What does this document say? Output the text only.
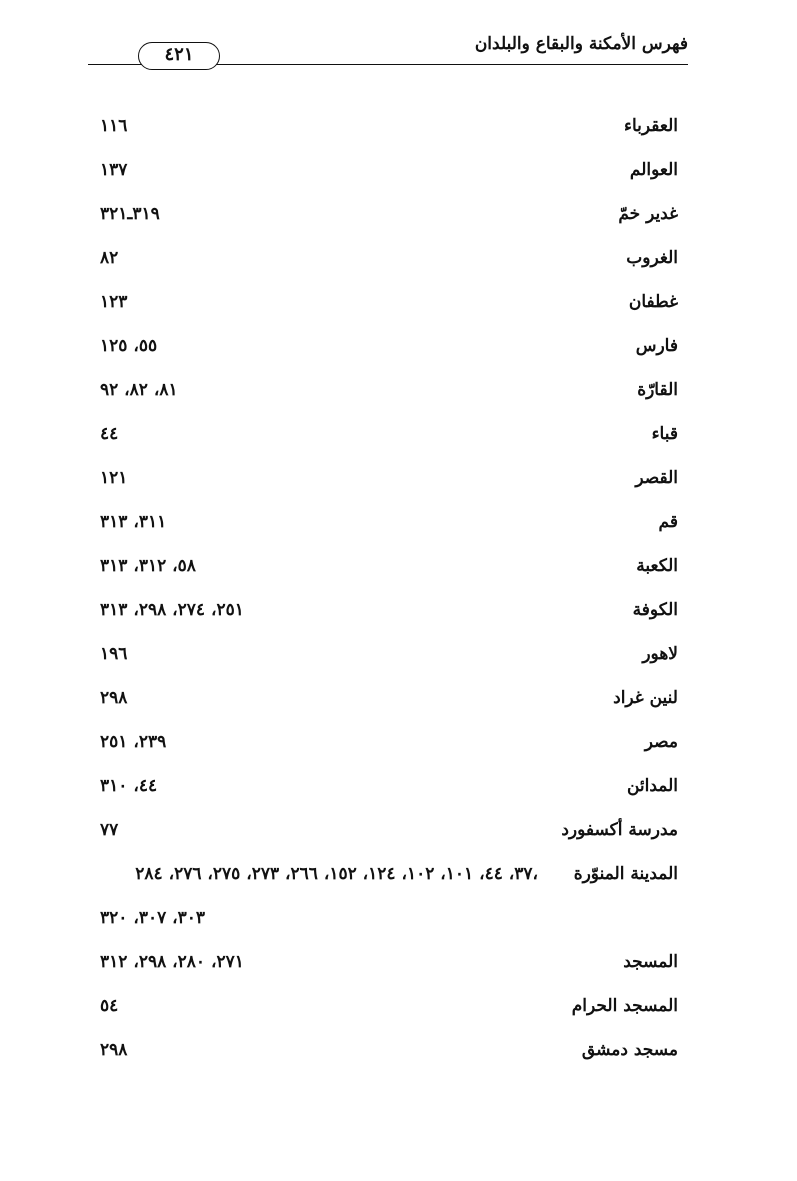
فهرس الأمكنة والبقاع والبلدان
٤٢١
العقرباء
١١٦
العوالم
١٣٧
غدير خمّ
٣١٩ـ٣٢١
الغروب
٨٢
غطفان
١٢٣
فارس
٥٥، ١٢٥
القارّة
٨١، ٨٢، ٩٢
قباء
٤٤
القصر
١٢١
قم
٣١١، ٣١٣
الكعبة
٥٨، ٣١٢، ٣١٣
الكوفة
٢٥١، ٢٧٤، ٢٩٨، ٣١٣
لاهور
١٩٦
لنين غراد
٢٩٨
مصر
٢٣٩، ٢٥١
المدائن
٤٤، ٣١٠
مدرسة أكسفورد
٧٧
المدينة المنوّرة
٣٧، ٤٤، ١٠١، ١٠٢، ١٢٤، ١٥٢، ٢٦٦، ٢٧٣، ٢٧٥، ٢٧٦، ٢٨٤،
٣٠٣، ٣٠٧، ٣٢٠
المسجد
٢٧١، ٢٨٠، ٢٩٨، ٣١٢
المسجد الحرام
٥٤
مسجد دمشق
٢٩٨
